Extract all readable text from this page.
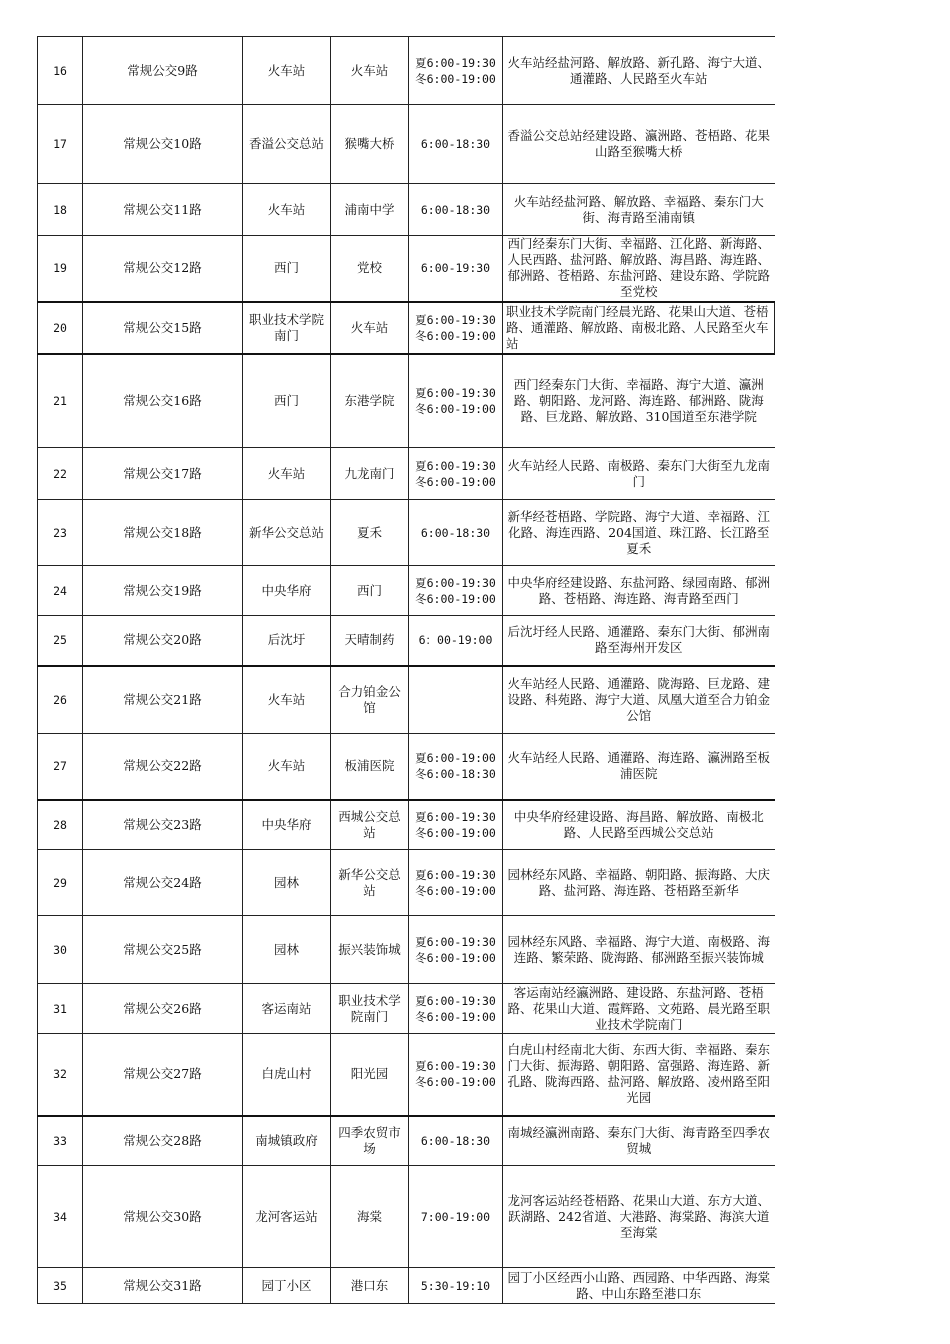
16	常规公交9路	火车站	火车站	夏6:00-19:30 冬6:00-19:00	火车站经盐河路、解放路、新孔路、海宁大道、通灌路、人民路至火车站
17	常规公交10路	香溢公交总站	猴嘴大桥	6:00-18:30	香溢公交总站经建设路、瀛洲路、苍梧路、花果山路至猴嘴大桥
18	常规公交11路	火车站	浦南中学	6:00-18:30	火车站经盐河路、解放路、幸福路、秦东门大街、海青路至浦南镇
19	常规公交12路	西门	党校	6:00-19:30	西门经秦东门大街、幸福路、江化路、新海路、人民西路、盐河路、解放路、海昌路、海连路、郁洲路、苍梧路、东盐河路、建设东路、学院路至党校
20	常规公交15路	职业技术学院南门	火车站	夏6:00-19:30 冬6:00-19:00	职业技术学院南门经晨光路、花果山大道、苍梧路、通灌路、解放路、南极北路、人民路至火车站
21	常规公交16路	西门	东港学院	夏6:00-19:30 冬6:00-19:00	西门经秦东门大街、幸福路、海宁大道、瀛洲路、朝阳路、龙河路、海连路、郁洲路、陇海路、巨龙路、解放路、310国道至东港学院
22	常规公交17路	火车站	九龙南门	夏6:00-19:30 冬6:00-19:00	火车站经人民路、南极路、秦东门大街至九龙南门
23	常规公交18路	新华公交总站	夏禾	6:00-18:30	新华经苍梧路、学院路、海宁大道、幸福路、江化路、海连西路、204国道、珠江路、长江路至夏禾
24	常规公交19路	中央华府	西门	夏6:00-19:30 冬6:00-19:00	中央华府经建设路、东盐河路、绿园南路、郁洲路、苍梧路、海连路、海青路至西门
25	常规公交20路	后沈圩	天晴制药	6：00-19:00	后沈圩经人民路、通灌路、秦东门大街、郁洲南路至海州开发区
26	常规公交21路	火车站	合力铂金公馆		火车站经人民路、通灌路、陇海路、巨龙路、建设路、科苑路、海宁大道、凤凰大道至合力铂金公馆
27	常规公交22路	火车站	板浦医院	夏6:00-19:00 冬6:00-18:30	火车站经人民路、通灌路、海连路、瀛洲路至板浦医院
28	常规公交23路	中央华府	西城公交总站	夏6:00-19:30 冬6:00-19:00	中央华府经建设路、海昌路、解放路、南极北路、人民路至西城公交总站
29	常规公交24路	园林	新华公交总站	夏6:00-19:30 冬6:00-19:00	园林经东风路、幸福路、朝阳路、振海路、大庆路、盐河路、海连路、苍梧路至新华
30	常规公交25路	园林	振兴装饰城	夏6:00-19:30 冬6:00-19:00	园林经东风路、幸福路、海宁大道、南极路、海连路、繁荣路、陇海路、郁洲路至振兴装饰城
31	常规公交26路	客运南站	职业技术学院南门	夏6:00-19:30 冬6:00-19:00	客运南站经瀛洲路、建设路、东盐河路、苍梧路、花果山大道、霞辉路、文苑路、晨光路至职业技术学院南门
32	常规公交27路	白虎山村	阳光园	夏6:00-19:30 冬6:00-19:00	白虎山村经南北大街、东西大街、幸福路、秦东门大街、振海路、朝阳路、富强路、海连路、新孔路、陇海西路、盐河路、解放路、凌州路至阳光园
33	常规公交28路	南城镇政府	四季农贸市场	6:00-18:30	南城经瀛洲南路、秦东门大街、海青路至四季农贸城
34	常规公交30路	龙河客运站	海棠	7:00-19:00	龙河客运站经苍梧路、花果山大道、东方大道、跃湖路、242省道、大港路、海棠路、海滨大道至海棠
35	常规公交31路	园丁小区	港口东	5:30-19:10	园丁小区经西小山路、西园路、中华西路、海棠路、中山东路至港口东
